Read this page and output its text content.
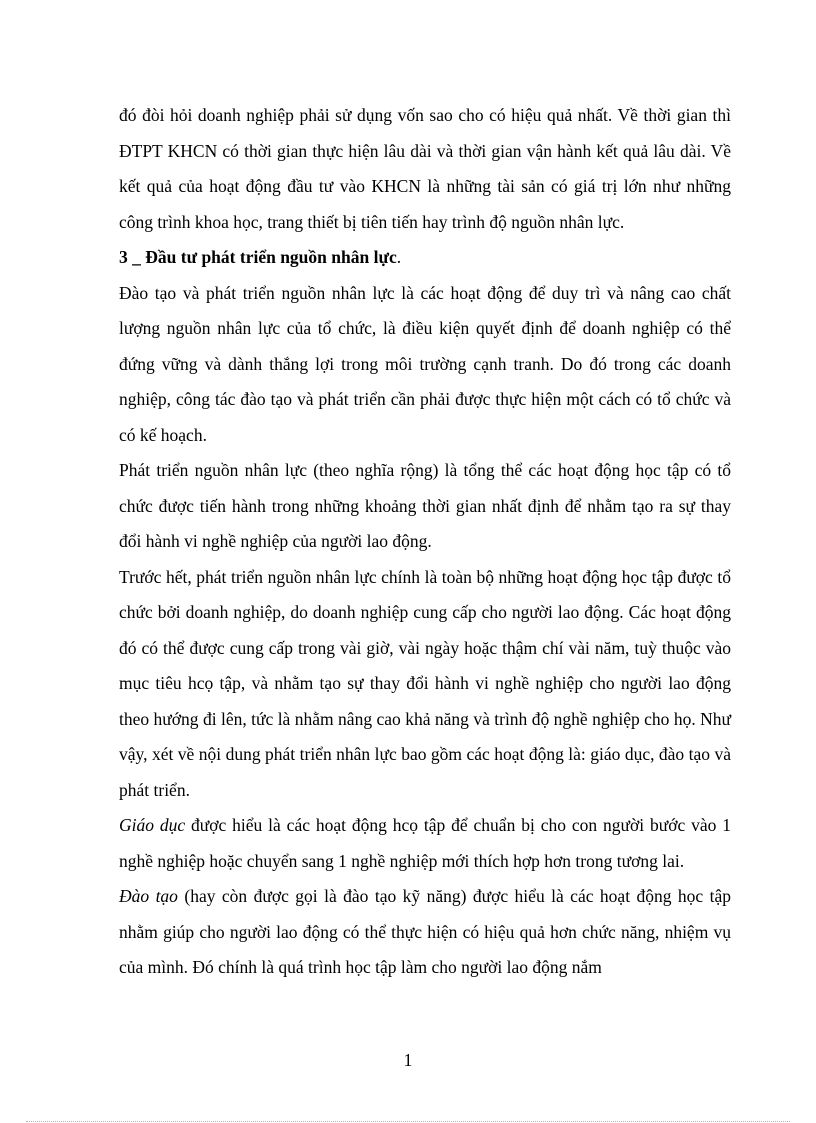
đó đòi hỏi doanh nghiệp phải sử dụng vốn sao cho có hiệu quả nhất. Về thời gian thì ĐTPT KHCN có thời gian thực hiện lâu dài và thời gian vận hành kết quả lâu dài. Về kết quả của hoạt động đầu tư vào KHCN là những tài sản có giá trị lớn như những công trình khoa học, trang thiết bị tiên tiến hay trình độ nguồn nhân lực.

3 _ Đầu tư phát triển nguồn nhân lực.

Đào tạo và phát triển nguồn nhân lực là các hoạt động để duy trì và nâng cao chất lượng nguồn nhân lực của tổ chức, là điều kiện quyết định để doanh nghiệp có thể đứng vững và dành thắng lợi trong môi trường cạnh tranh. Do đó trong các doanh nghiệp, công tác đào tạo và phát triển cần phải được thực hiện một cách có tổ chức và có kế hoạch.

Phát triển nguồn nhân lực (theo nghĩa rộng) là tổng thể các hoạt động học tập có tổ chức được tiến hành trong những khoảng thời gian nhất định để nhằm tạo ra sự thay đổi hành vi nghề nghiệp của người lao động.

Trước hết, phát triển nguồn nhân lực chính là toàn bộ những hoạt động học tập được tổ chức bởi doanh nghiệp, do doanh nghiệp cung cấp cho người lao động. Các hoạt động đó có thể được cung cấp trong vài giờ, vài ngày hoặc thậm chí vài năm, tuỳ thuộc vào mục tiêu hcọ tập, và nhằm tạo sự thay đổi hành vi nghề nghiệp cho người lao động theo hướng đi lên, tức là nhằm nâng cao khả năng và trình độ nghề nghiệp cho họ. Như vậy, xét về nội dung phát triển nhân lực bao gồm các hoạt động là: giáo dục, đào tạo và phát triển.

Giáo dục được hiểu là các hoạt động hcọ tập để chuẩn bị cho con người bước vào 1 nghề nghiệp hoặc chuyển sang 1 nghề nghiệp mới thích hợp hơn trong tương lai.

Đào tạo (hay còn được gọi là đào tạo kỹ năng) được hiểu là các hoạt động học tập nhằm giúp cho người lao động có thể thực hiện có hiệu quả hơn chức năng, nhiệm vụ của mình. Đó chính là quá trình học tập làm cho người lao động nắm

1
